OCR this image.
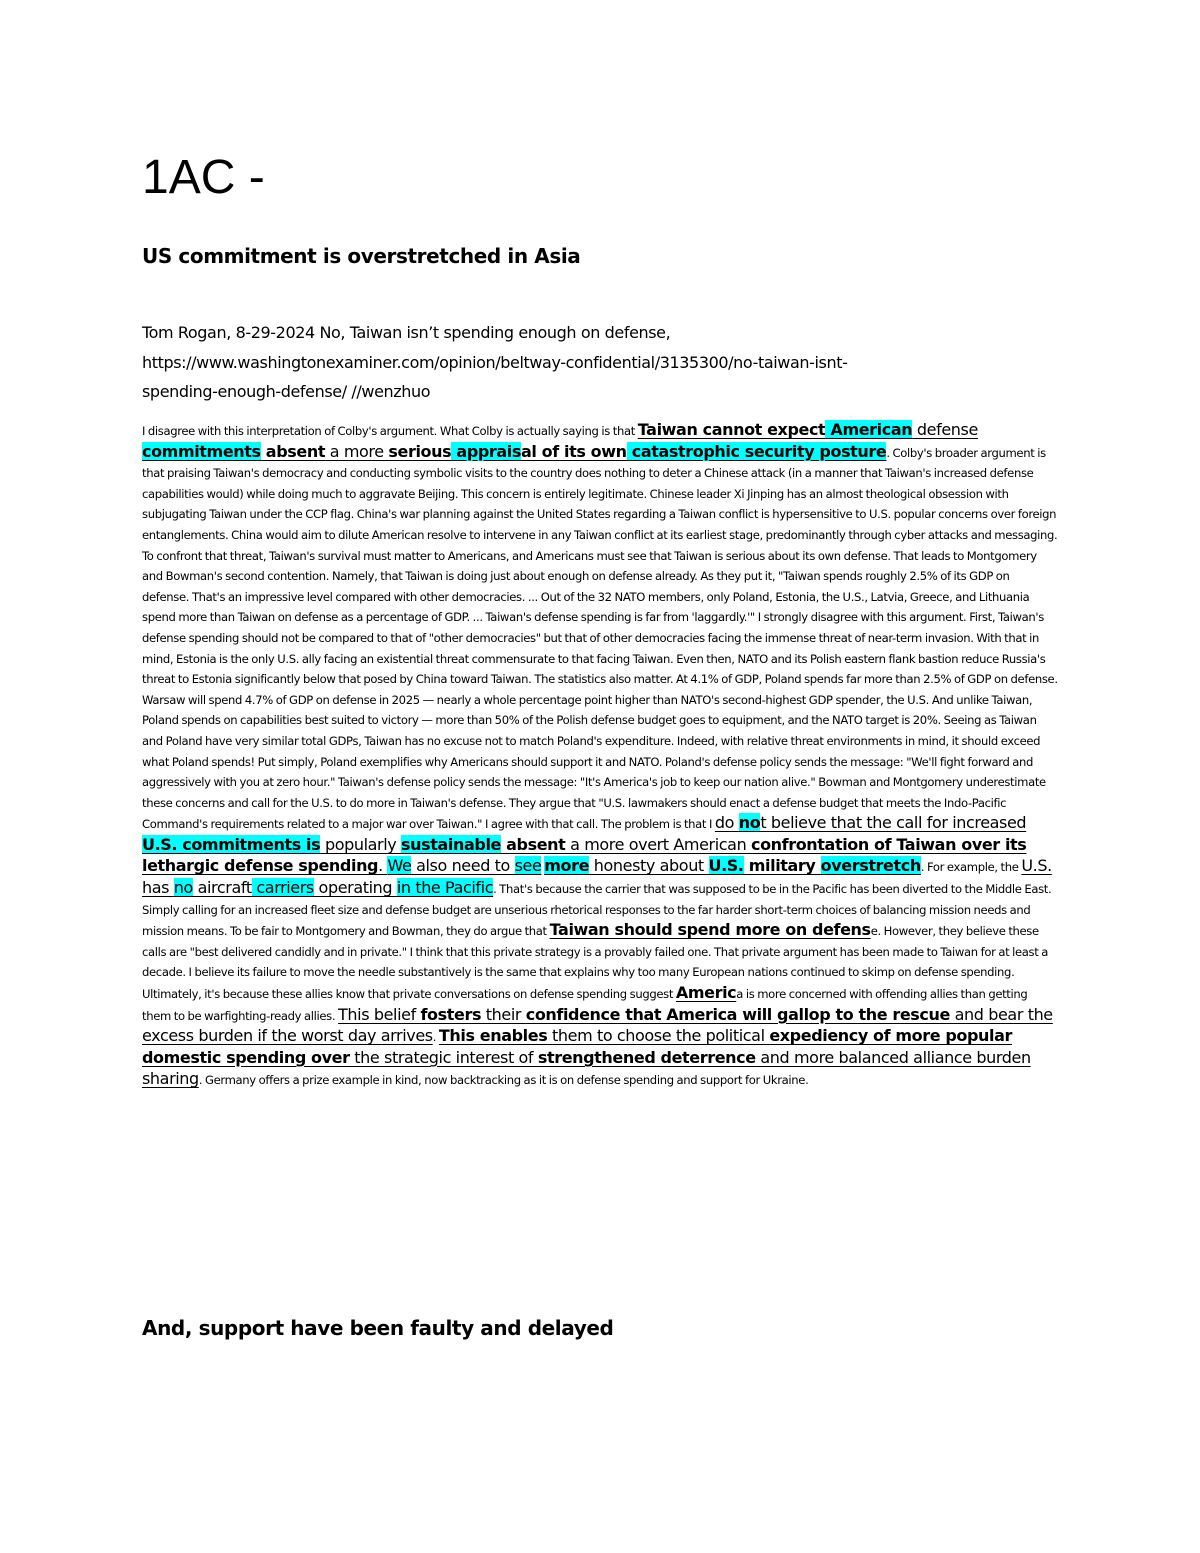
1AC -
US commitment is overstretched in Asia
Tom Rogan, 8-29-2024 No, Taiwan isn’t spending enough on defense,
https://www.washingtonexaminer.com/opinion/beltway-confidential/3135300/no-taiwan-isnt-
spending-enough-defense/ //wenzhuo
I disagree with this interpretation of Colby's argument. What Colby is actually saying is that Taiwan cannot expect American defense commitments absent a more serious appraisal of its own catastrophic security posture. Colby's broader argument is that praising Taiwan's democracy and conducting symbolic visits to the country does nothing to deter a Chinese attack (in a manner that Taiwan's increased defense capabilities would) while doing much to aggravate Beijing. This concern is entirely legitimate. Chinese leader Xi Jinping has an almost theological obsession with subjugating Taiwan under the CCP flag. China's war planning against the United States regarding a Taiwan conflict is hypersensitive to U.S. popular concerns over foreign entanglements. China would aim to dilute American resolve to intervene in any Taiwan conflict at its earliest stage, predominantly through cyber attacks and messaging. To confront that threat, Taiwan's survival must matter to Americans, and Americans must see that Taiwan is serious about its own defense. That leads to Montgomery and Bowman's second contention. Namely, that Taiwan is doing just about enough on defense already. As they put it, "Taiwan spends roughly 2.5% of its GDP on defense. That's an impressive level compared with other democracies. ... Out of the 32 NATO members, only Poland, Estonia, the U.S., Latvia, Greece, and Lithuania spend more than Taiwan on defense as a percentage of GDP. ... Taiwan's defense spending is far from 'laggardly.'" I strongly disagree with this argument. First, Taiwan's defense spending should not be compared to that of "other democracies" but that of other democracies facing the immense threat of near-term invasion. With that in mind, Estonia is the only U.S. ally facing an existential threat commensurate to that facing Taiwan. Even then, NATO and its Polish eastern flank bastion reduce Russia's threat to Estonia significantly below that posed by China toward Taiwan. The statistics also matter. At 4.1% of GDP, Poland spends far more than 2.5% of GDP on defense. Warsaw will spend 4.7% of GDP on defense in 2025 — nearly a whole percentage point higher than NATO's second-highest GDP spender, the U.S. And unlike Taiwan, Poland spends on capabilities best suited to victory — more than 50% of the Polish defense budget goes to equipment, and the NATO target is 20%. Seeing as Taiwan and Poland have very similar total GDPs, Taiwan has no excuse not to match Poland's expenditure. Indeed, with relative threat environments in mind, it should exceed what Poland spends! Put simply, Poland exemplifies why Americans should support it and NATO. Poland's defense policy sends the message: "We'll fight forward and aggressively with you at zero hour." Taiwan's defense policy sends the message: "It's America's job to keep our nation alive." Bowman and Montgomery underestimate these concerns and call for the U.S. to do more in Taiwan's defense. They argue that "U.S. lawmakers should enact a defense budget that meets the Indo-Pacific Command's requirements related to a major war over Taiwan." I agree with that call. The problem is that I do not believe that the call for increased U.S. commitments is popularly sustainable absent a more overt American confrontation of Taiwan over its lethargic defense spending. We also need to see more honesty about U.S. military overstretch. For example, the U.S. has no aircraft carriers operating in the Pacific. That's because the carrier that was supposed to be in the Pacific has been diverted to the Middle East. Simply calling for an increased fleet size and defense budget are unserious rhetorical responses to the far harder short-term choices of balancing mission needs and mission means. To be fair to Montgomery and Bowman, they do argue that Taiwan should spend more on defense. However, they believe these calls are "best delivered candidly and in private." I think that this private strategy is a provably failed one. That private argument has been made to Taiwan for at least a decade. I believe its failure to move the needle substantively is the same that explains why too many European nations continued to skimp on defense spending. Ultimately, it's because these allies know that private conversations on defense spending suggest America is more concerned with offending allies than getting them to be warfighting-ready allies. This belief fosters their confidence that America will gallop to the rescue and bear the excess burden if the worst day arrives. This enables them to choose the political expediency of more popular domestic spending over the strategic interest of strengthened deterrence and more balanced alliance burden sharing. Germany offers a prize example in kind, now backtracking as it is on defense spending and support for Ukraine.
And, support have been faulty and delayed
